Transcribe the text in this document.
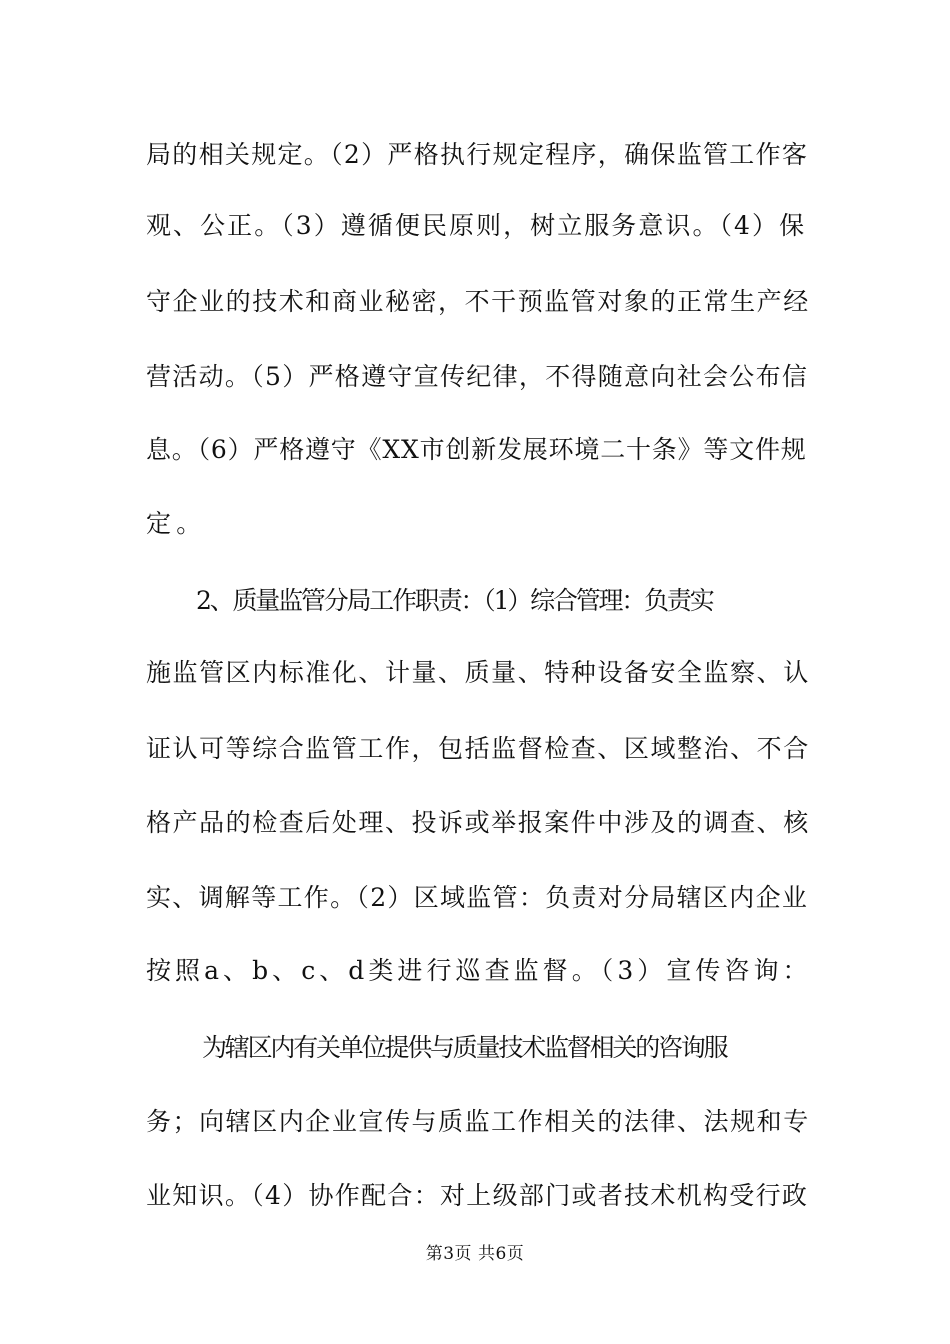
局的相关规定。（2）严格执行规定程序，确保监管工作客
观、公正。（3）遵循便民原则，树立服务意识。（4）保
守企业的技术和商业秘密，不干预监管对象的正常生产经
营活动。（5）严格遵守宣传纪律，不得随意向社会公布信
息。（6）严格遵守《XX市创新发展环境二十条》等文件规
定。
2、质量监管分局工作职责：（1）综合管理：负责实
施监管区内标准化、计量、质量、特种设备安全监察、认
证认可等综合监管工作，包括监督检查、区域整治、不合
格产品的检查后处理、投诉或举报案件中涉及的调查、核
实、调解等工作。（2）区域监管：负责对分局辖区内企业
按照a、b、c、d类进行巡查监督。（3）宣传咨询：
为辖区内有关单位提供与质量技术监督相关的咨询服
务；向辖区内企业宣传与质监工作相关的法律、法规和专
业知识。（4）协作配合：对上级部门或者技术机构受行政
第3页 共6页
